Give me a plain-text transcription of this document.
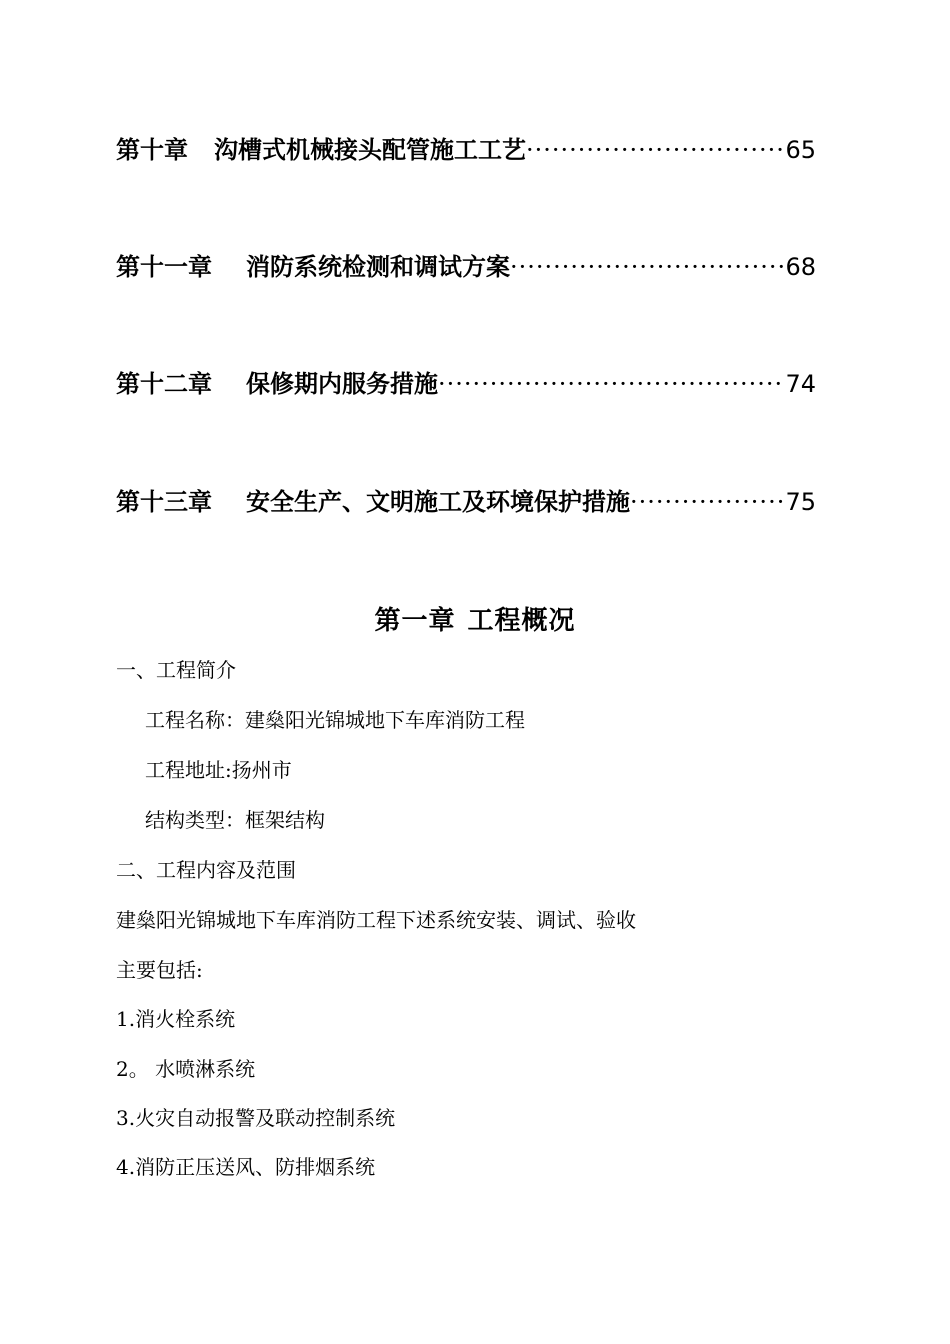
第十章 沟槽式机械接头配管施工工艺 ·····	65
第十一章 消防系统检测和调试方案 ·····	68
第十二章 保修期内服务措施 ·····	74
第十三章 安全生产、文明施工及环境保护措施 ·····	75
第一章 工程概况
一、工程简介
工程名称：建燊阳光锦城地下车库消防工程
工程地址:扬州市
结构类型：框架结构
二、工程内容及范围
建燊阳光锦城地下车库消防工程下述系统安装、调试、验收
主要包括:
1.消火栓系统
2。 水喷淋系统
3.火灾自动报警及联动控制系统
4.消防正压送风、防排烟系统
